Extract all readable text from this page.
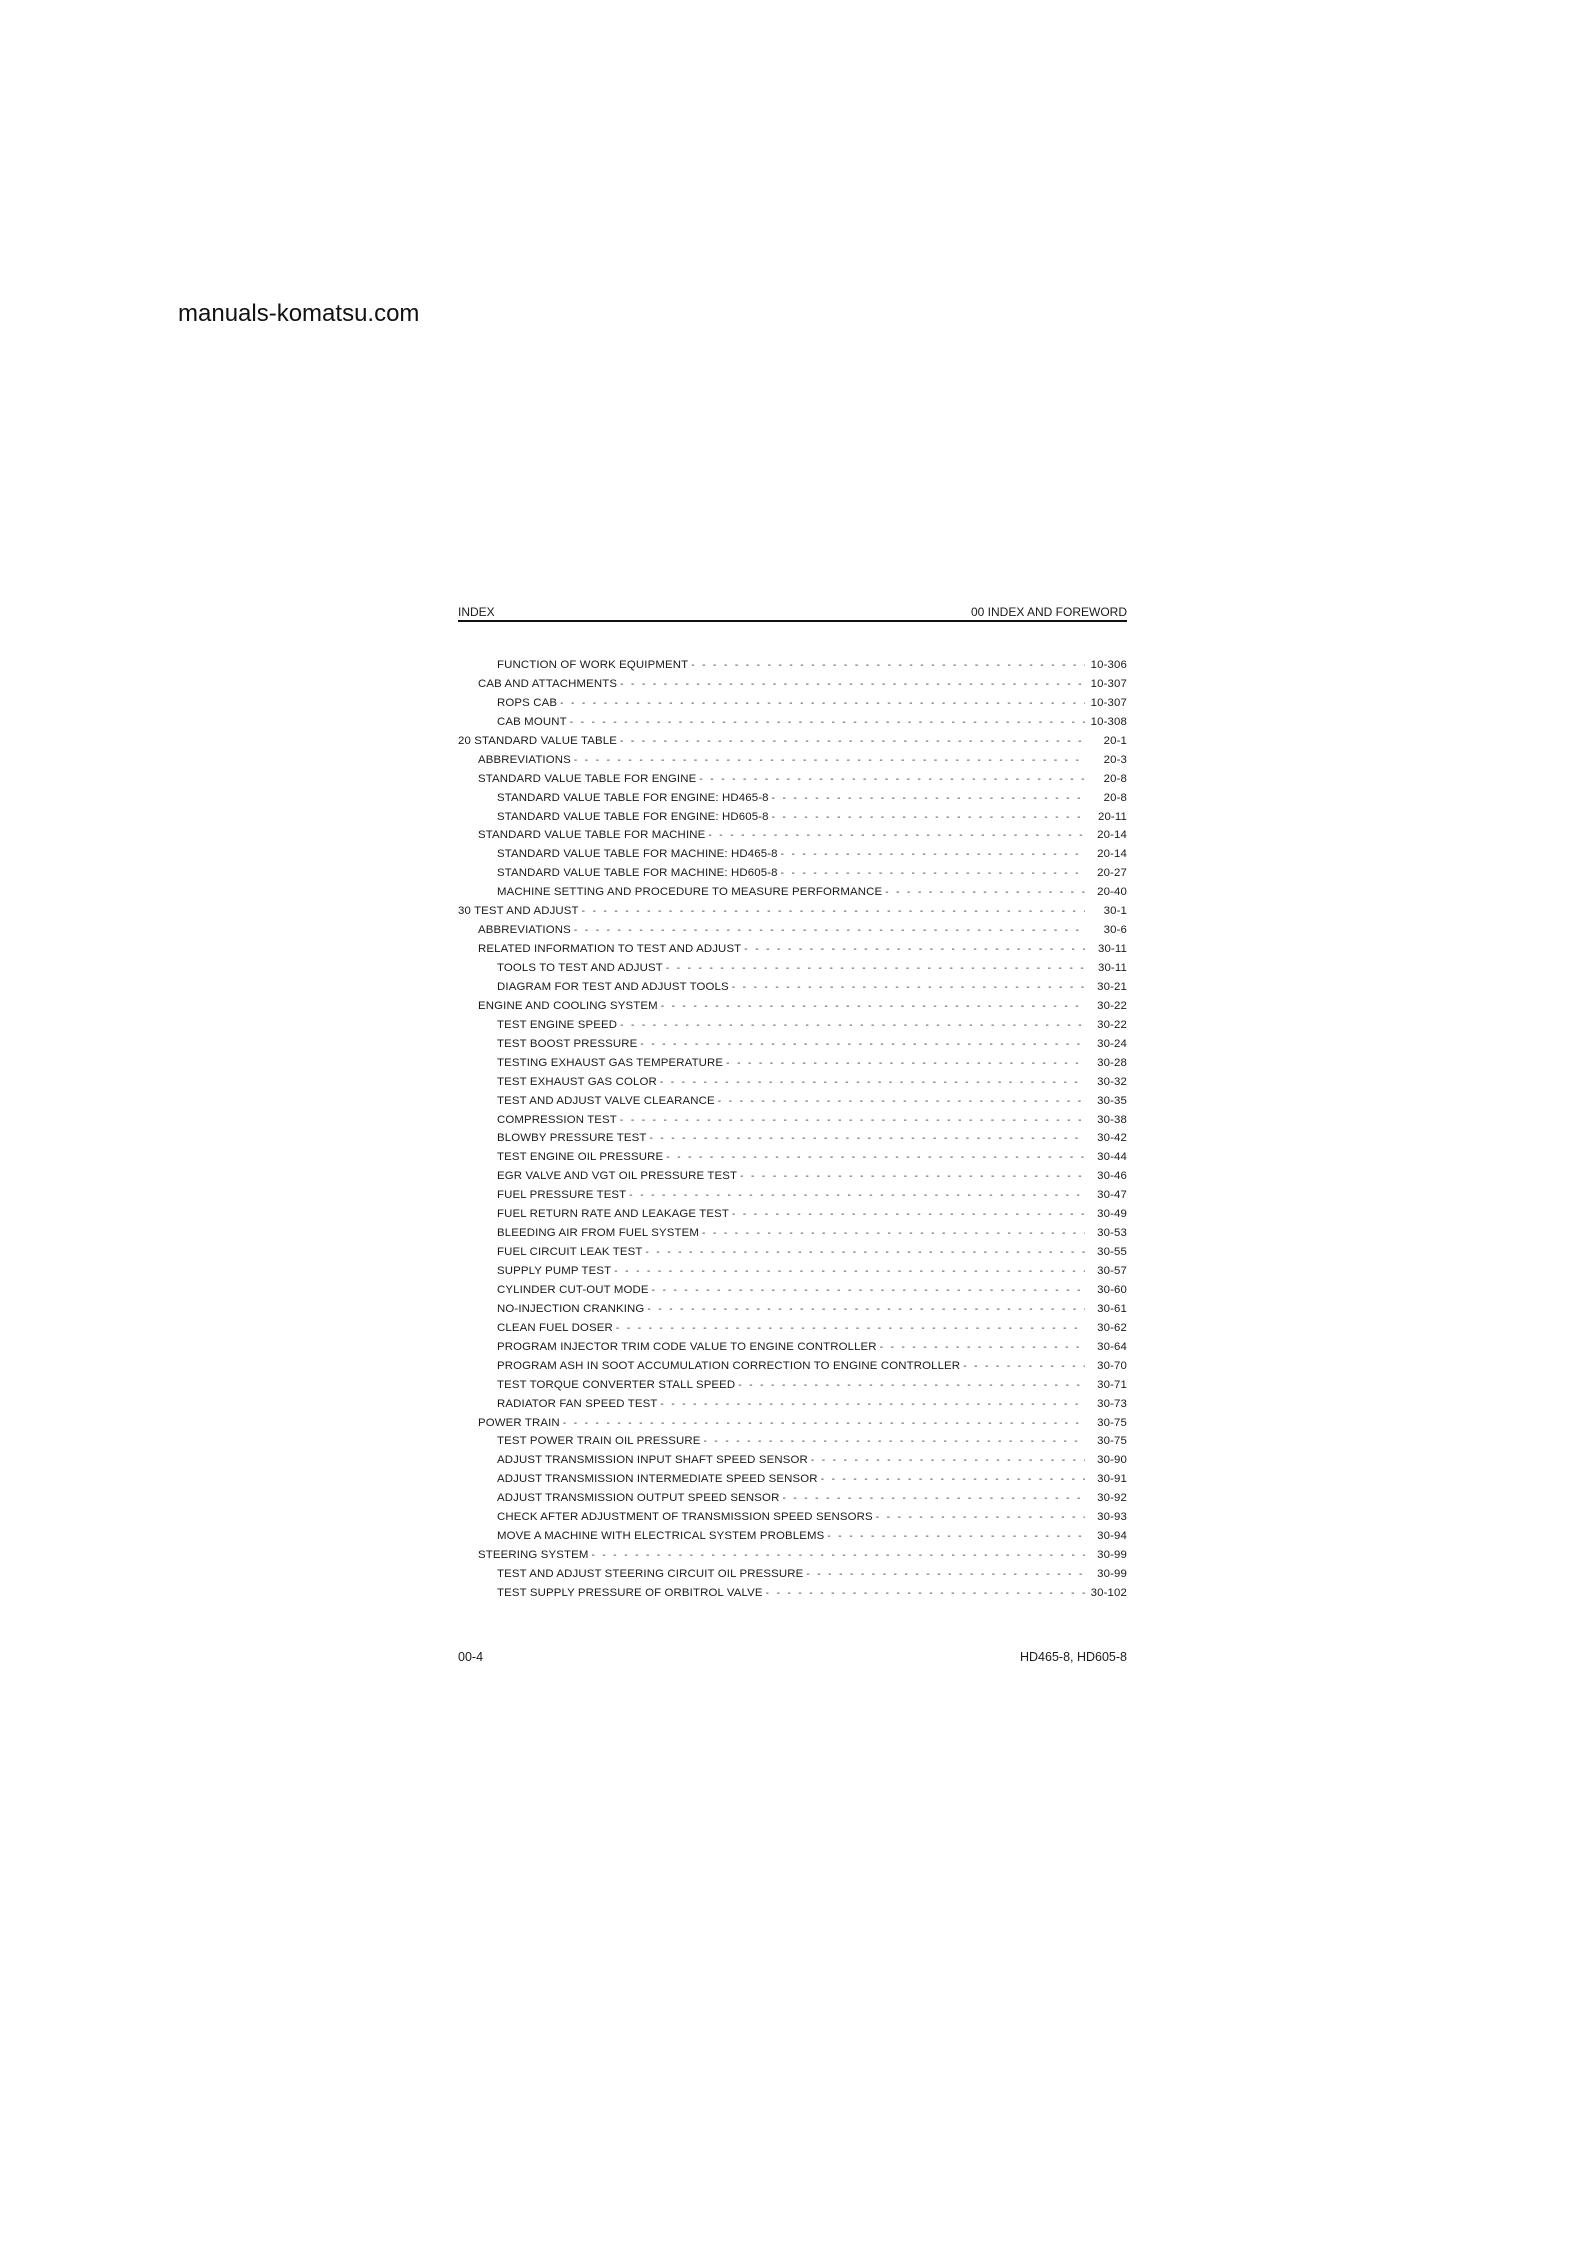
manuals-komatsu.com
INDEX	00 INDEX AND FOREWORD
FUNCTION OF WORK EQUIPMENT - - -	10-306
CAB AND ATTACHMENTS - - -	10-307
ROPS CAB - - -	10-307
CAB MOUNT - - -	10-308
20 STANDARD VALUE TABLE - - -	20-1
ABBREVIATIONS - - -	20-3
STANDARD VALUE TABLE FOR ENGINE - - -	20-8
STANDARD VALUE TABLE FOR ENGINE: HD465-8 - - -	20-8
STANDARD VALUE TABLE FOR ENGINE: HD605-8 - - -	20-11
STANDARD VALUE TABLE FOR MACHINE - - -	20-14
STANDARD VALUE TABLE FOR MACHINE: HD465-8 - - -	20-14
STANDARD VALUE TABLE FOR MACHINE: HD605-8 - - -	20-27
MACHINE SETTING AND PROCEDURE TO MEASURE PERFORMANCE - - -	20-40
30 TEST AND ADJUST - - -	30-1
ABBREVIATIONS - - -	30-6
RELATED INFORMATION TO TEST AND ADJUST - - -	30-11
TOOLS TO TEST AND ADJUST - - -	30-11
DIAGRAM FOR TEST AND ADJUST TOOLS - - -	30-21
ENGINE AND COOLING SYSTEM - - -	30-22
TEST ENGINE SPEED - - -	30-22
TEST BOOST PRESSURE - - -	30-24
TESTING EXHAUST GAS TEMPERATURE - - -	30-28
TEST EXHAUST GAS COLOR - - -	30-32
TEST AND ADJUST VALVE CLEARANCE - - -	30-35
COMPRESSION TEST - - -	30-38
BLOWBY PRESSURE TEST - - -	30-42
TEST ENGINE OIL PRESSURE - - -	30-44
EGR VALVE AND VGT OIL PRESSURE TEST - - -	30-46
FUEL PRESSURE TEST - - -	30-47
FUEL RETURN RATE AND LEAKAGE TEST - - -	30-49
BLEEDING AIR FROM FUEL SYSTEM - - -	30-53
FUEL CIRCUIT LEAK TEST - - -	30-55
SUPPLY PUMP TEST - - -	30-57
CYLINDER CUT-OUT MODE - - -	30-60
NO-INJECTION CRANKING - - -	30-61
CLEAN FUEL DOSER - - -	30-62
PROGRAM INJECTOR TRIM CODE VALUE TO ENGINE CONTROLLER - - -	30-64
PROGRAM ASH IN SOOT ACCUMULATION CORRECTION TO ENGINE CONTROLLER - - -	30-70
TEST TORQUE CONVERTER STALL SPEED - - -	30-71
RADIATOR FAN SPEED TEST - - -	30-73
POWER TRAIN - - -	30-75
TEST POWER TRAIN OIL PRESSURE - - -	30-75
ADJUST TRANSMISSION INPUT SHAFT SPEED SENSOR - - -	30-90
ADJUST TRANSMISSION INTERMEDIATE SPEED SENSOR - - -	30-91
ADJUST TRANSMISSION OUTPUT SPEED SENSOR - - -	30-92
CHECK AFTER ADJUSTMENT OF TRANSMISSION SPEED SENSORS - - -	30-93
MOVE A MACHINE WITH ELECTRICAL SYSTEM PROBLEMS - - -	30-94
STEERING SYSTEM - - -	30-99
TEST AND ADJUST STEERING CIRCUIT OIL PRESSURE - - -	30-99
TEST SUPPLY PRESSURE OF ORBITROL VALVE - - -	30-102
00-4	HD465-8, HD605-8
